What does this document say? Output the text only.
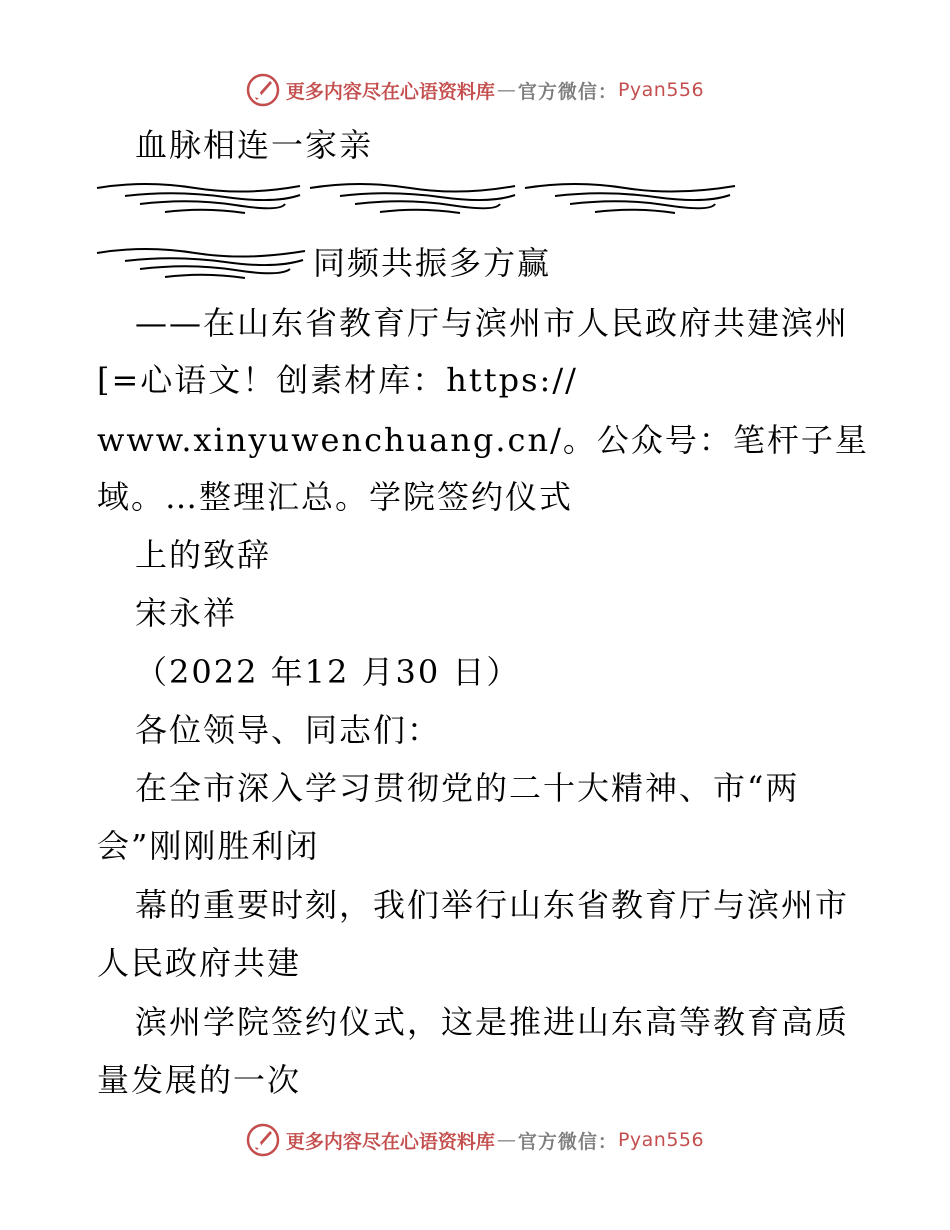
更多内容尽在心语资料库 — 官方微信： Pyan556
血脉相连一家亲
同频共振多方赢
——在山东省教育厅与滨州市人民政府共建滨州
[=心语文！创素材库：https://
www.xinyuwenchuang.cn/。公众号：笔杆子星
域。…整理汇总。学院签约仪式
上的致辞
宋永祥
（2022 年12 月30 日）
各位领导、同志们：
在全市深入学习贯彻党的二十大精神、市“两
会”刚刚胜利闭
幕的重要时刻，我们举行山东省教育厅与滨州市
人民政府共建
滨州学院签约仪式，这是推进山东高等教育高质
量发展的一次
更多内容尽在心语资料库 — 官方微信： Pyan556
